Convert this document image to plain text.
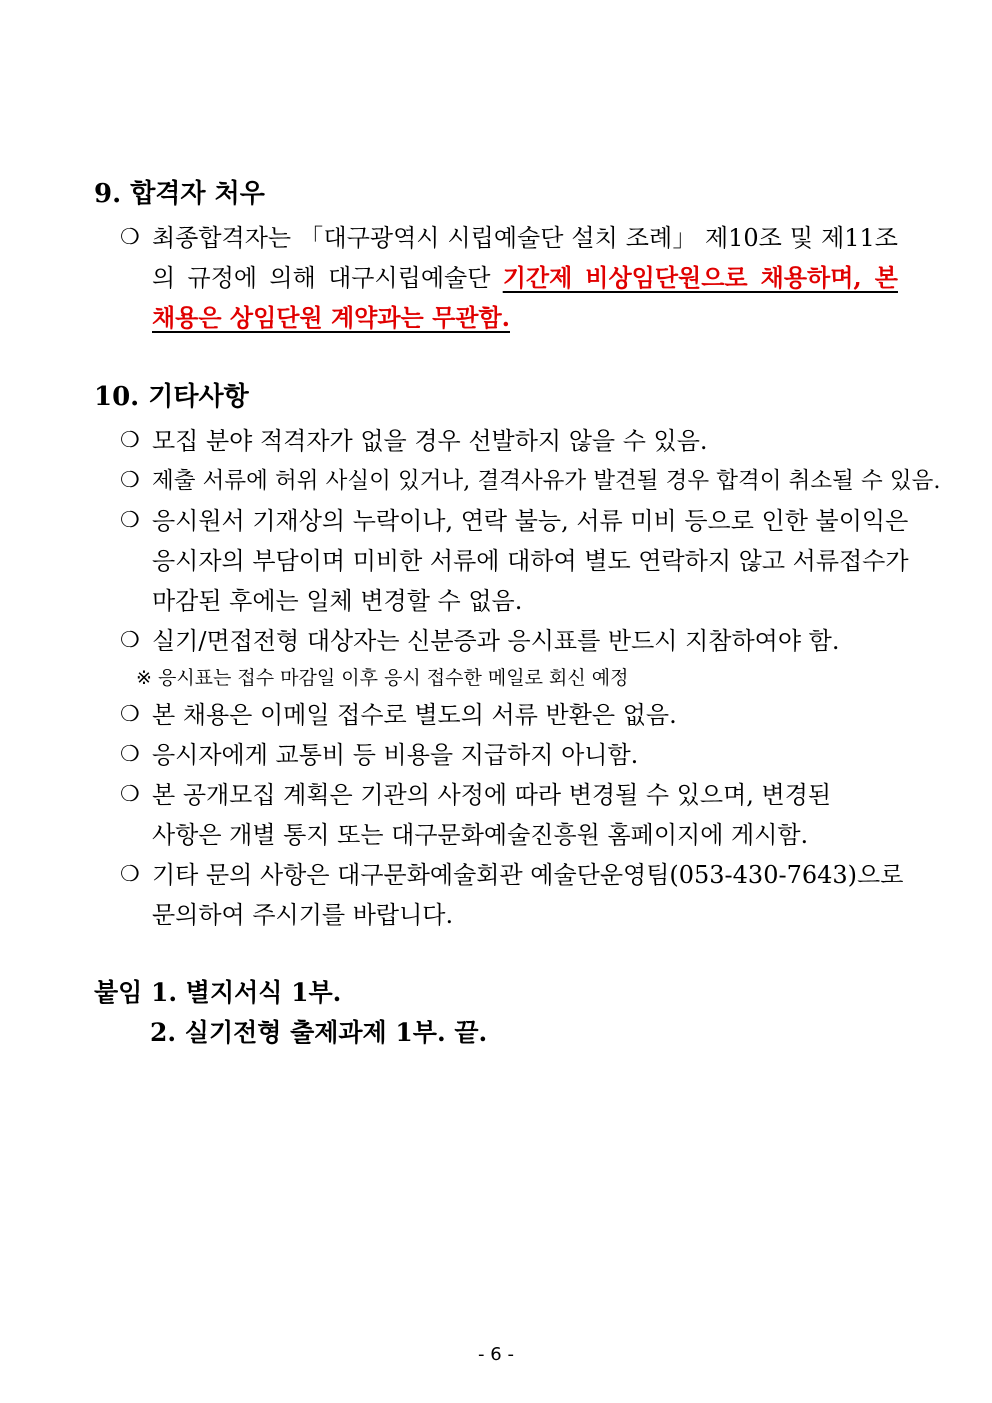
9. 합격자 처우
❍ 최종합격자는 「대구광역시 시립예술단 설치 조례」 제10조 및 제11조
의 규정에 의해 대구시립예술단 기간제 비상임단원으로 채용하며, 본
채용은 상임단원 계약과는 무관함.
10. 기타사항
❍ 모집 분야 적격자가 없을 경우 선발하지 않을 수 있음.
❍ 제출 서류에 허위 사실이 있거나, 결격사유가 발견될 경우 합격이 취소될 수 있음.
❍ 응시원서 기재상의 누락이나, 연락 불능, 서류 미비 등으로 인한 불이익은
응시자의 부담이며 미비한 서류에 대하여 별도 연락하지 않고 서류접수가
마감된 후에는 일체 변경할 수 없음.
❍ 실기/면접전형 대상자는 신분증과 응시표를 반드시 지참하여야 함.
※ 응시표는 접수 마감일 이후 응시 접수한 메일로 회신 예정
❍ 본 채용은 이메일 접수로 별도의 서류 반환은 없음.
❍ 응시자에게 교통비 등 비용을 지급하지 아니함.
❍ 본 공개모집 계획은 기관의 사정에 따라 변경될 수 있으며, 변경된
사항은 개별 통지 또는 대구문화예술진흥원 홈페이지에 게시함.
❍ 기타 문의 사항은 대구문화예술회관 예술단운영팀(053-430-7643)으로
문의하여 주시기를 바랍니다.
붙임 1. 별지서식 1부.
2. 실기전형 출제과제 1부. 끝.
- 6 -
